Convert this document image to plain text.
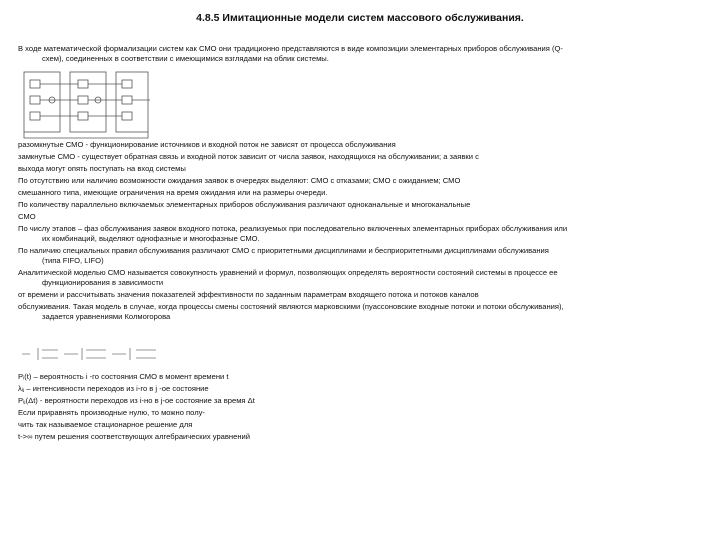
4.8.5 Имитационные модели систем массового обслуживания.
В ходе математической формализации систем как СМО они традиционно представляются в виде композиции элементарных приборов обслуживания (Q-
схем), соединенных в соответствии с имеющимися взглядами на облик системы.
разомкнутые СМО - функционирование источников и входной поток не зависят от процесса обслуживания
замкнутые СМО - существует обратная связь и входной поток зависит от числа заявок, находящихся на обслуживании; а заявки с
выхода могут опять поступать на вход системы
По отсутствию или наличию возможности ожидания заявок в очередях выделяют: СМО с отказами; СМО с ожиданием; СМО
смешанного типа, имеющие ограничения на время ожидания или на размеры очереди.
По количеству параллельно включаемых элементарных приборов обслуживания различают одноканальные и многоканальные
СМО
По числу этапов – фаз обслуживания заявок входного потока, реализуемых при последовательно включенных элементарных приборах обслуживания или
их комбинаций, выделяют однофазные и многофазные СМО.
По наличию специальных правил обслуживания различают СМО с приоритетными дисциплинами и бесприоритетными дисциплинами обслуживания
(типа FIFO, LIFO)
Аналитической моделью СМО называется совокупность уравнений и формул, позволяющих определять вероятности состояний системы в процессе ее
функционирования в зависимости
от времени и рассчитывать значения показателей эффективности по заданным параметрам входящего потока и потоков каналов
обслуживания. Такая модель в случае, когда процессы смены состояний являются марковскими (пуассоновские входные потоки и потоки обслуживания),
задается уравнениями Колмогорова
Pᵢ(t) – вероятность i -го состояния СМО в момент времени t
λᵢⱼ – интенсивности переходов из i-го в j -ое состояние
Pᵢⱼ(Δt) - вероятности переходов из i-но в j-ое состояние за время Δt
Если приравнять производные нулю, то можно полу-
чить так называемое стационарное решение для
t->∞ путем решения соответствующих алгебраических уравнений
